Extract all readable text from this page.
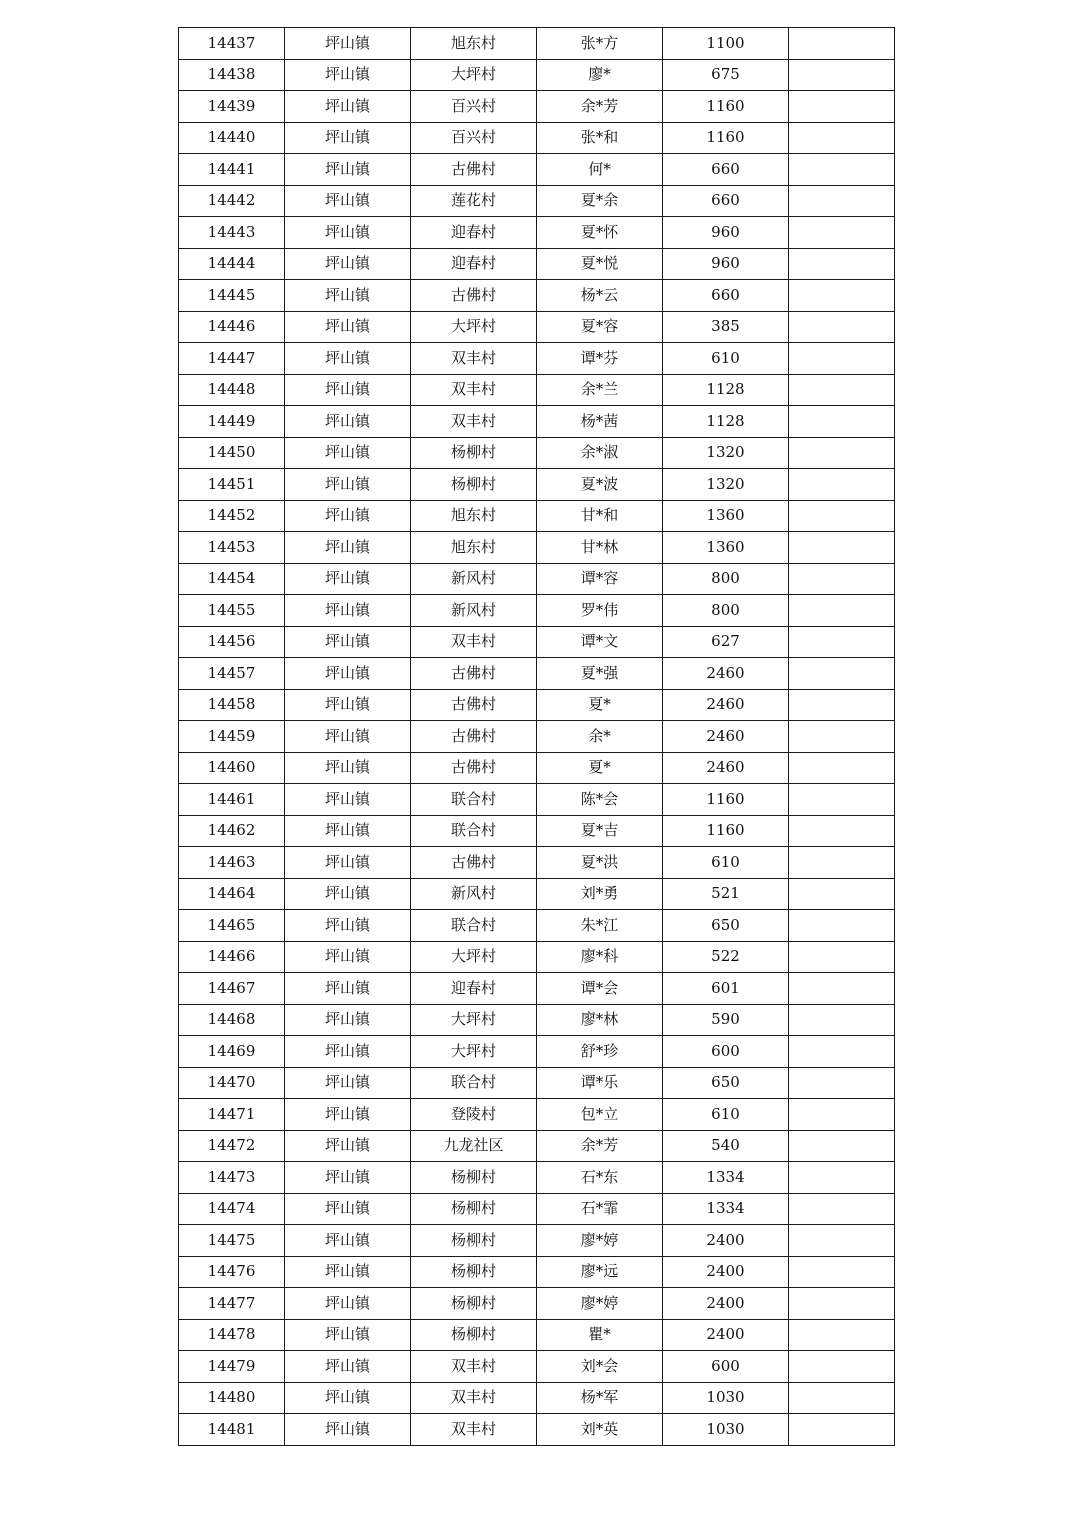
14437	坪山镇	旭东村	张*方	1100	
14438	坪山镇	大坪村	廖*	675	
14439	坪山镇	百兴村	余*芳	1160	
14440	坪山镇	百兴村	张*和	1160	
14441	坪山镇	古佛村	何*	660	
14442	坪山镇	莲花村	夏*余	660	
14443	坪山镇	迎春村	夏*怀	960	
14444	坪山镇	迎春村	夏*悦	960	
14445	坪山镇	古佛村	杨*云	660	
14446	坪山镇	大坪村	夏*容	385	
14447	坪山镇	双丰村	谭*芬	610	
14448	坪山镇	双丰村	余*兰	1128	
14449	坪山镇	双丰村	杨*茜	1128	
14450	坪山镇	杨柳村	余*淑	1320	
14451	坪山镇	杨柳村	夏*波	1320	
14452	坪山镇	旭东村	甘*和	1360	
14453	坪山镇	旭东村	甘*林	1360	
14454	坪山镇	新风村	谭*容	800	
14455	坪山镇	新风村	罗*伟	800	
14456	坪山镇	双丰村	谭*文	627	
14457	坪山镇	古佛村	夏*强	2460	
14458	坪山镇	古佛村	夏*	2460	
14459	坪山镇	古佛村	余*	2460	
14460	坪山镇	古佛村	夏*	2460	
14461	坪山镇	联合村	陈*会	1160	
14462	坪山镇	联合村	夏*吉	1160	
14463	坪山镇	古佛村	夏*洪	610	
14464	坪山镇	新风村	刘*勇	521	
14465	坪山镇	联合村	朱*江	650	
14466	坪山镇	大坪村	廖*科	522	
14467	坪山镇	迎春村	谭*会	601	
14468	坪山镇	大坪村	廖*林	590	
14469	坪山镇	大坪村	舒*珍	600	
14470	坪山镇	联合村	谭*乐	650	
14471	坪山镇	登陵村	包*立	610	
14472	坪山镇	九龙社区	余*芳	540	
14473	坪山镇	杨柳村	石*东	1334	
14474	坪山镇	杨柳村	石*霏	1334	
14475	坪山镇	杨柳村	廖*婷	2400	
14476	坪山镇	杨柳村	廖*远	2400	
14477	坪山镇	杨柳村	廖*婷	2400	
14478	坪山镇	杨柳村	瞿*	2400	
14479	坪山镇	双丰村	刘*会	600	
14480	坪山镇	双丰村	杨*军	1030	
14481	坪山镇	双丰村	刘*英	1030	
